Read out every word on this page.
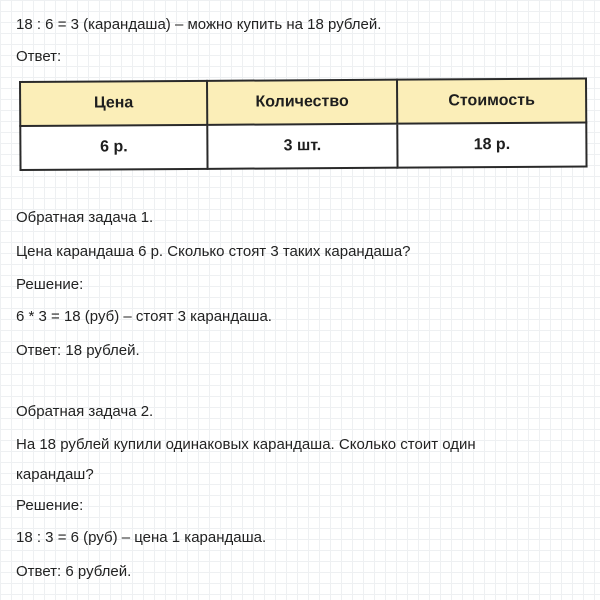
18 : 6 = 3 (карандаша) – можно купить на 18 рублей.
Ответ:
Цена	Количество	Стоимость
6 р.	3 шт.	18 р.
Обратная задача 1.
Цена карандаша 6 р. Сколько стоят 3 таких карандаша?
Решение:
6 * 3 = 18 (руб) – стоят 3 карандаша.
Ответ: 18 рублей.
Обратная задача 2.
На 18 рублей купили одинаковых карандаша. Сколько стоит один
карандаш?
Решение:
18 : 3 = 6 (руб) – цена 1 карандаша.
Ответ: 6 рублей.
